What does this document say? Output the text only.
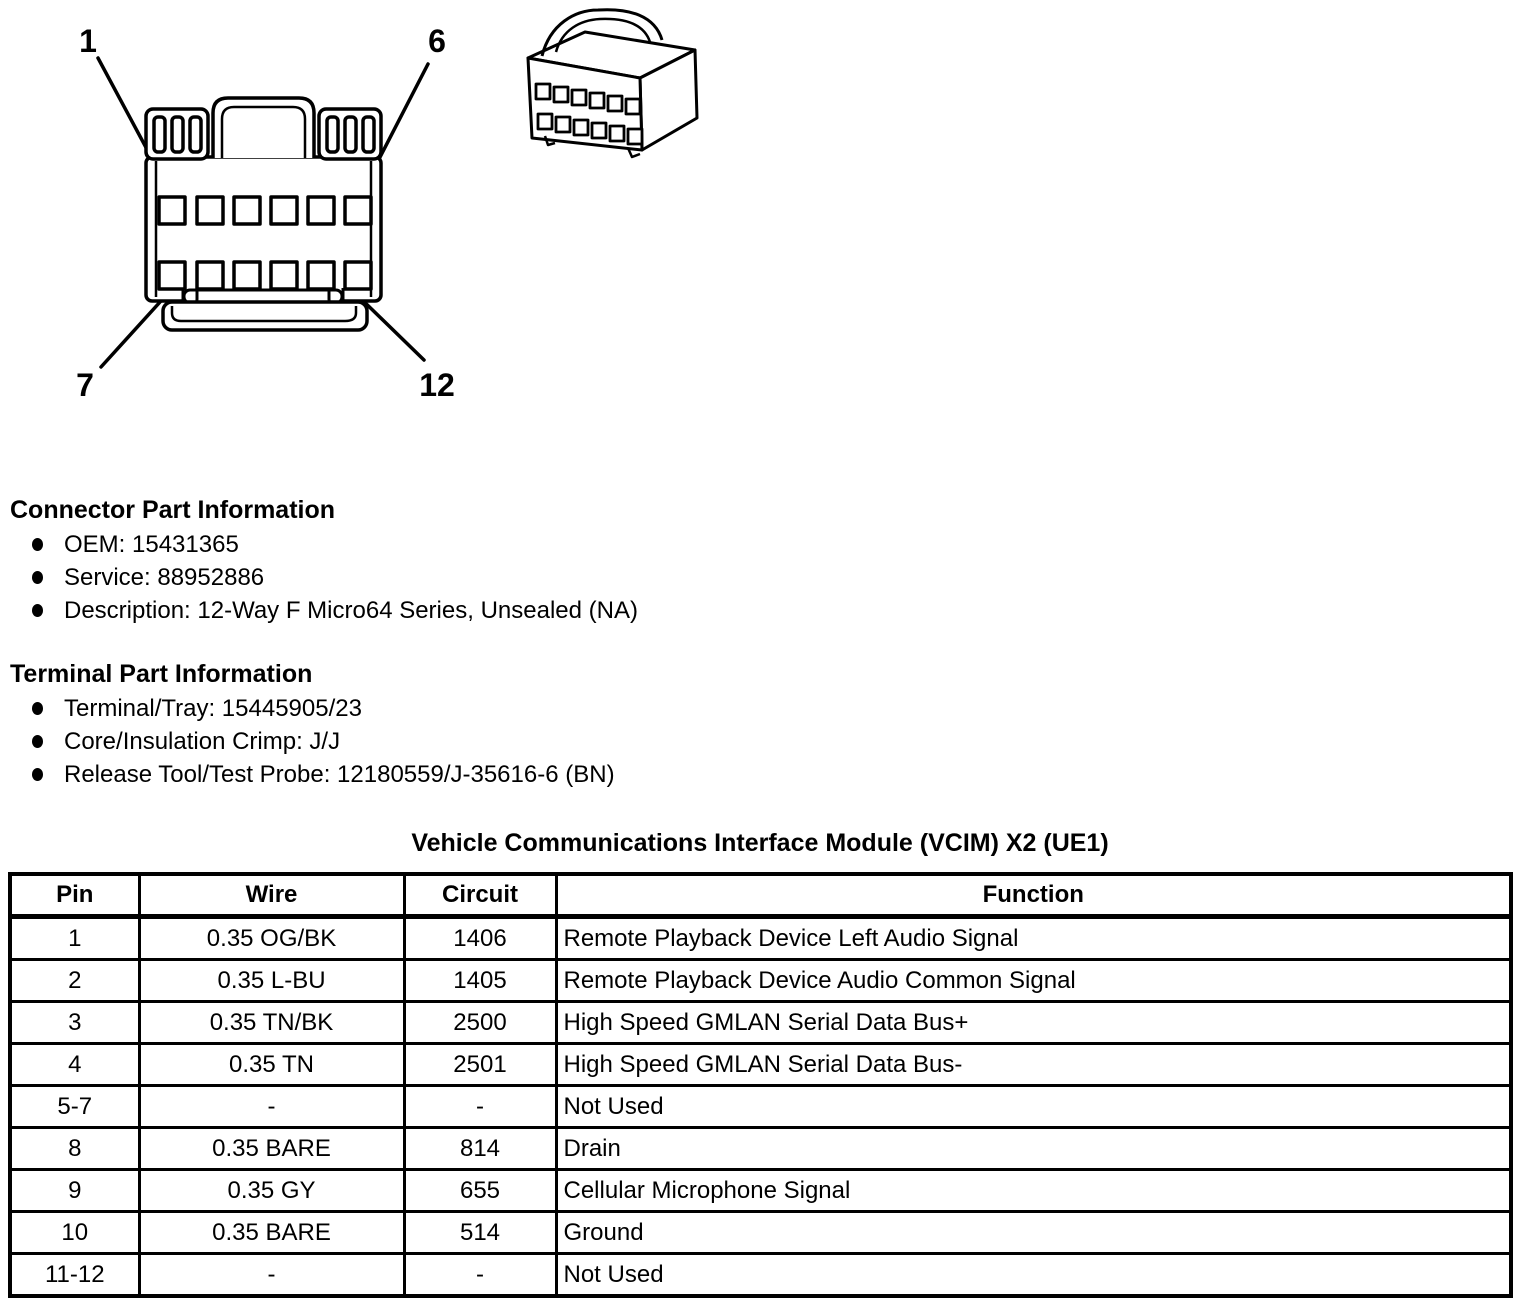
1	6
7	12
Connector Part Information
OEM: 15431365
Service: 88952886
Description: 12-Way F Micro64 Series, Unsealed (NA)
Terminal Part Information
Terminal/Tray: 15445905/23
Core/Insulation Crimp: J/J
Release Tool/Test Probe: 12180559/J-35616-6 (BN)
Vehicle Communications Interface Module (VCIM) X2 (UE1)
Pin	Wire	Circuit	Function
1	0.35 OG/BK	1406	Remote Playback Device Left Audio Signal
2	0.35 L-BU	1405	Remote Playback Device Audio Common Signal
3	0.35 TN/BK	2500	High Speed GMLAN Serial Data Bus+
4	0.35 TN	2501	High Speed GMLAN Serial Data Bus-
5-7	-	-	Not Used
8	0.35 BARE	814	Drain
9	0.35 GY	655	Cellular Microphone Signal
10	0.35 BARE	514	Ground
11-12	-	-	Not Used
